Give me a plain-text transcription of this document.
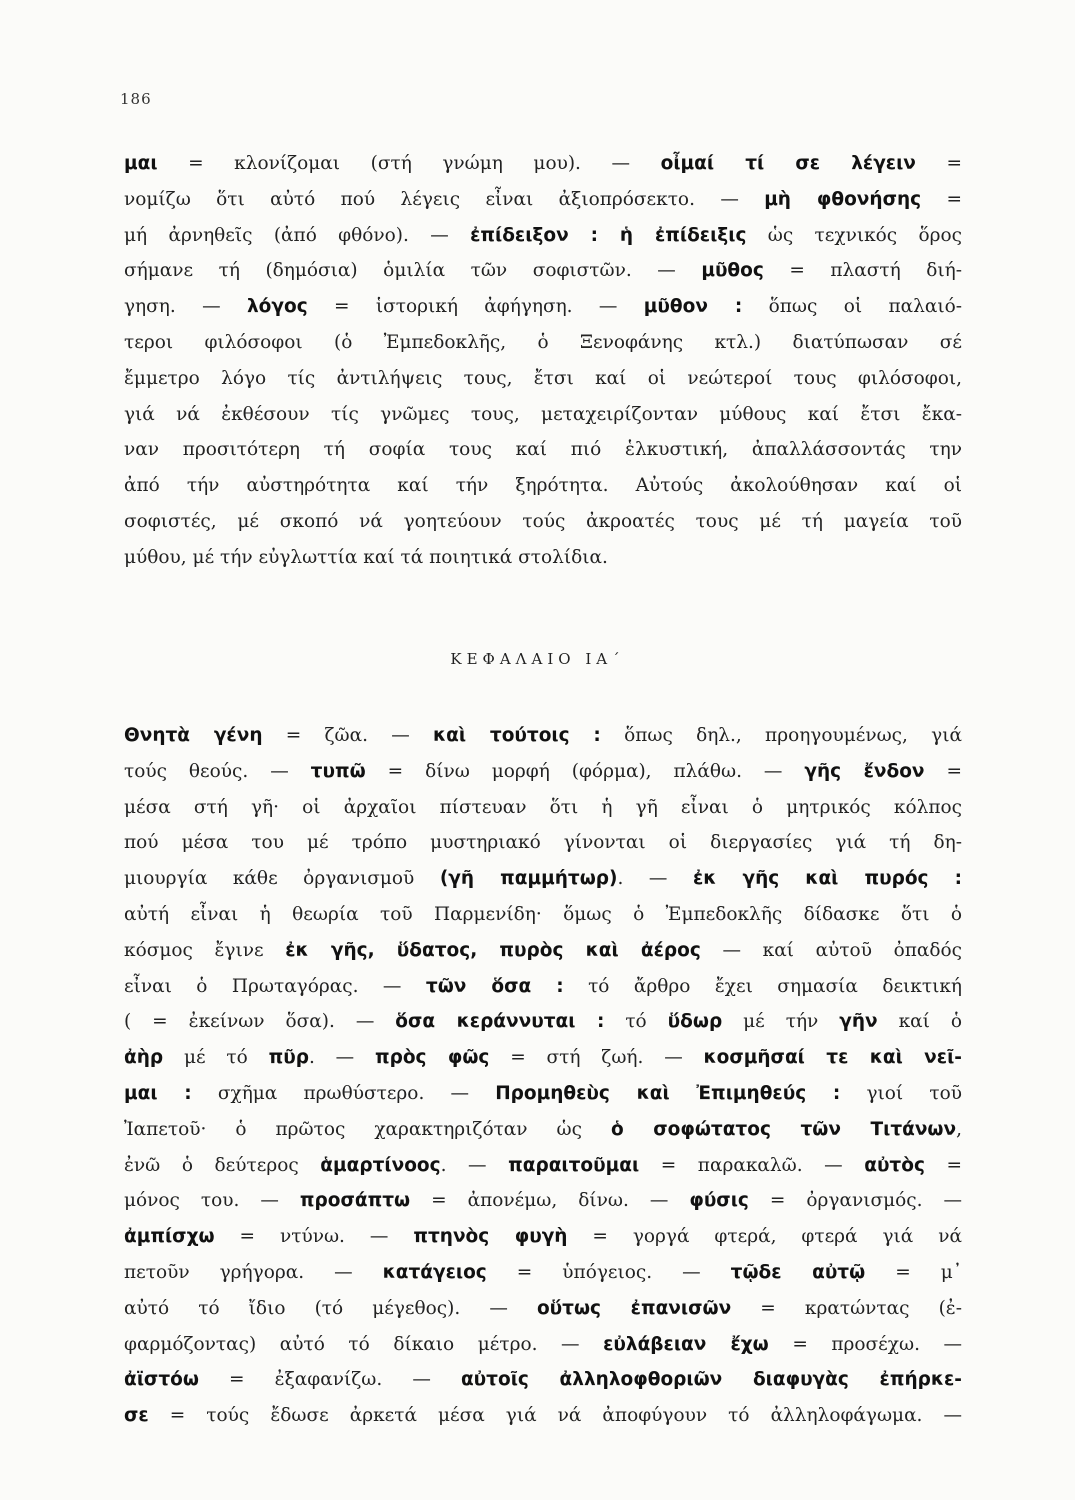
186
μαι = κλονίζομαι (στή γνώμη μου). — οἶμαί τί σε λέγειν =
νομίζω ὅτι αὐτό πού λέγεις εἶναι ἀξιοπρόσεκτο. — μὴ φθονήσης =
μή ἀρνηθεῖς (ἀπό φθόνο). — ἐπίδειξον : ἡ ἐπίδειξις ὡς τεχνικός ὅρος
σήμανε τή (δημόσια) ὁμιλία τῶν σοφιστῶν. — μῦθος = πλαστή διή-
γηση. — λόγος = ἱστορική ἀφήγηση. — μῦθον : ὅπως οἱ παλαιό-
τεροι φιλόσοφοι (ὁ Ἐμπεδοκλῆς, ὁ Ξενοφάνης κτλ.) διατύπωσαν σέ
ἔμμετρο λόγο τίς ἀντιλήψεις τους, ἔτσι καί οἱ νεώτεροί τους φιλόσοφοι,
γιά νά ἐκθέσουν τίς γνῶμες τους, μεταχειρίζονταν μύθους καί ἔτσι ἔκα-
ναν προσιτότερη τή σοφία τους καί πιό ἑλκυστική, ἀπαλλάσσοντάς την
ἀπό τήν αὐστηρότητα καί τήν ξηρότητα. Αὐτούς ἀκολούθησαν καί οἱ
σοφιστές, μέ σκοπό νά γοητεύουν τούς ἀκροατές τους μέ τή μαγεία τοῦ
μύθου, μέ τήν εὐγλωττία καί τά ποιητικά στολίδια.
ΚΕΦΑΛΑΙΟ ΙΑ΄
Θνητὰ γένη = ζῶα. — καὶ τούτοις : ὅπως δηλ., προηγουμένως, γιά
τούς θεούς. — τυπῶ = δίνω μορφή (φόρμα), πλάθω. — γῆς ἔνδον =
μέσα στή γῆ· οἱ ἀρχαῖοι πίστευαν ὅτι ἡ γῆ εἶναι ὁ μητρικός κόλπος
πού μέσα του μέ τρόπο μυστηριακό γίνονται οἱ διεργασίες γιά τή δη-
μιουργία κάθε ὀργανισμοῦ (γῆ παμμήτωρ). — ἐκ γῆς καὶ πυρός :
αὐτή εἶναι ἡ θεωρία τοῦ Παρμενίδη· ὅμως ὁ Ἐμπεδοκλῆς δίδασκε ὅτι ὁ
κόσμος ἔγινε ἐκ γῆς, ὕδατος, πυρὸς καὶ ἀέρος — καί αὐτοῦ ὀπαδός
εἶναι ὁ Πρωταγόρας. — τῶν ὅσα : τό ἄρθρο ἔχει σημασία δεικτική
( = ἐκείνων ὅσα). — ὅσα κεράννυται : τό ὕδωρ μέ τήν γῆν καί ὁ
ἀὴρ μέ τό πῦρ. — πρὸς φῶς = στή ζωή. — κοσμῆσαί τε καὶ νεῖ-
μαι : σχῆμα πρωθύστερο. — Προμηθεὺς καὶ Ἐπιμηθεύς : γιοί τοῦ
Ἰαπετοῦ· ὁ πρῶτος χαρακτηριζόταν ὡς ὁ σοφώτατος τῶν Τιτάνων,
ἐνῶ ὁ δεύτερος ἁμαρτίνοος. — παραιτοῦμαι = παρακαλῶ. — αὐτὸς =
μόνος του. — προσάπτω = ἀπονέμω, δίνω. — φύσις = ὀργανισμός. —
ἀμπίσχω = ντύνω. — πτηνὸς φυγὴ = γοργά φτερά, φτερά γιά νά
πετοῦν γρήγορα. — κατάγειος = ὑπόγειος. — τῷδε αὐτῷ = μ᾽
αὐτό τό ἴδιο (τό μέγεθος). — οὕτως ἐπανισῶν = κρατώντας (ἐ-
φαρμόζοντας) αὐτό τό δίκαιο μέτρο. — εὐλάβειαν ἔχω = προσέχω. —
ἀϊστόω = ἐξαφανίζω. — αὐτοῖς ἀλληλοφθοριῶν διαφυγὰς ἐπήρκε-
σε = τούς ἔδωσε ἀρκετά μέσα γιά νά ἀποφύγουν τό ἀλληλοφάγωμα. —
